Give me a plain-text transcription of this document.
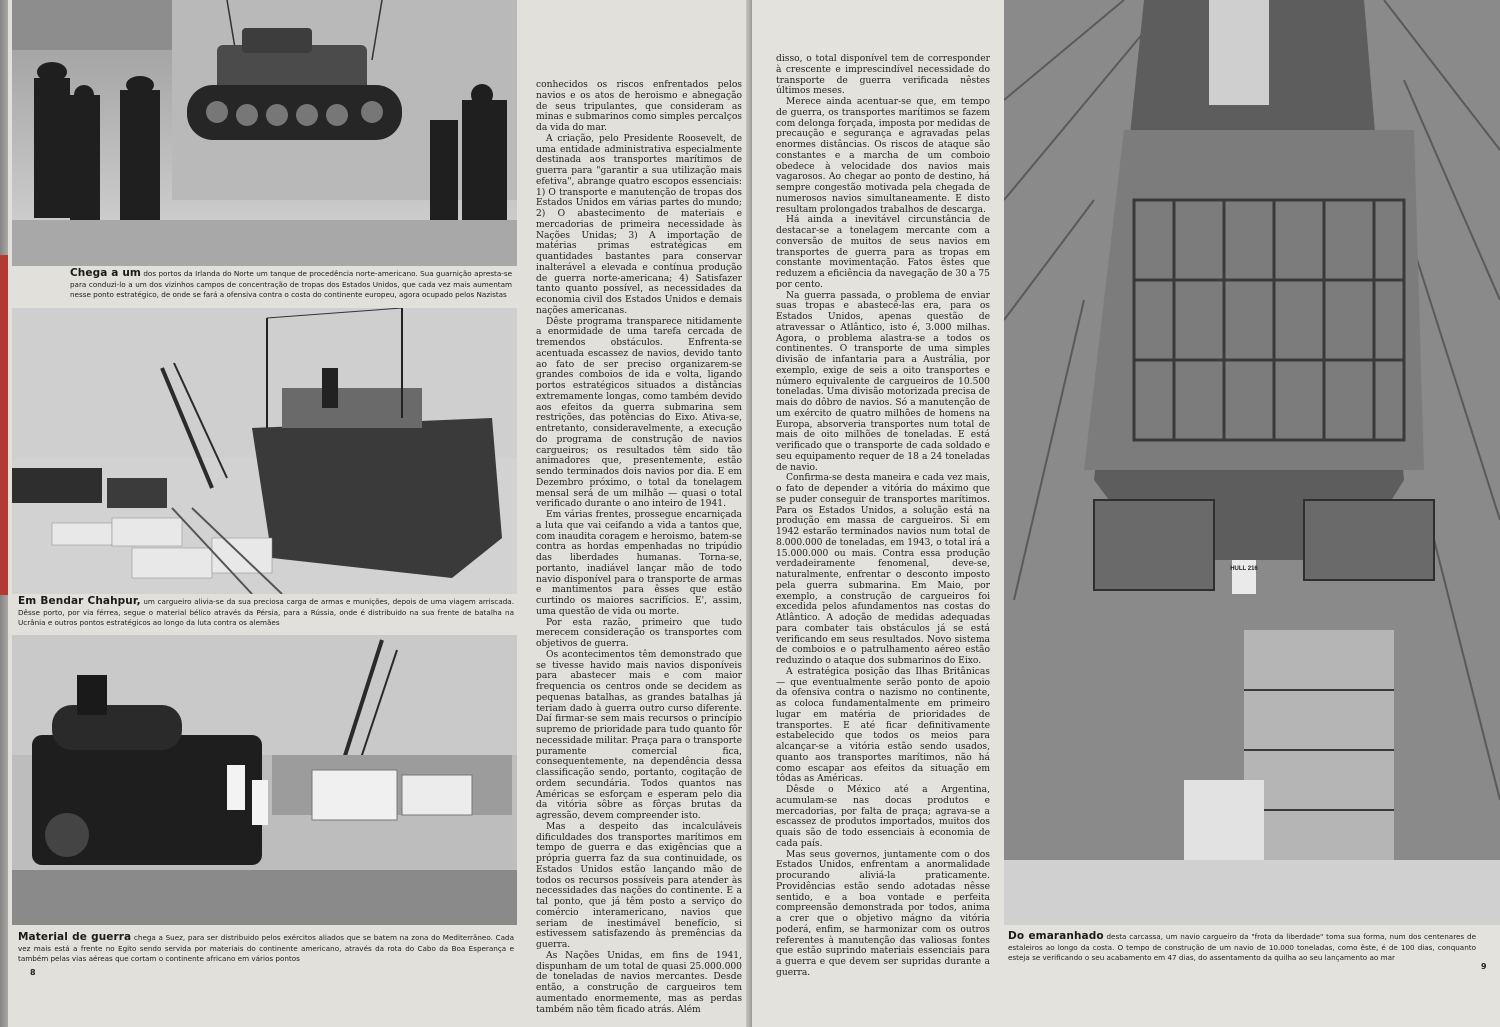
Chega a um dos portos da Irlanda do Norte um tanque de procedência norte-americano. Sua guarnição apresta-se para conduzi-lo a um dos vizinhos campos de concentração de tropas dos Estados Unidos, que cada vez mais aumentam nesse ponto estratégico, de onde se fará a ofensiva contra o costa do continente europeu, agora ocupado pelos Nazistas
Em Bendar Chahpur, um cargueiro alivia-se da sua preciosa carga de armas e munições, depois de uma viagem arriscada. Dêsse porto, por via férrea, segue o material bélico através da Pérsia, para a Rússia, onde é distribuido na sua frente de batalha na Ucrânia e outros pontos estratégicos ao longo da luta contra os alemães
Material de guerra chega a Suez, para ser distribuido pelos exércitos aliados que se batem na zona do Mediterrâneo. Cada vez mais está a frente no Egito sendo servida por materiais do continente americano, através da rota do Cabo da Boa Esperança e também pelas vias aéreas que cortam o continente africano em vários pontos
8

conhecidos os riscos enfrentados pelos navios e os atos de heroismo e abnegação de seus tripulantes, que consideram as minas e submarinos como simples percalços da vida do mar.

A criação, pelo Presidente Roosevelt, de uma entidade administrativa especialmente destinada aos transportes marítimos de guerra para "garantir a sua utilização mais efetiva", abrange quatro escopos essenciais: 1) O transporte e manutenção de tropas dos Estados Unidos em várias partes do mundo; 2) O abastecimento de materiais e mercadorias de primeira necessidade às Nações Unidas; 3) A importação de matérias primas estratégicas em quantidades bastantes para conservar inalterável a elevada e contínua produção de guerra norte-americana; 4) Satisfazer tanto quanto possível, as necessidades da economia civil dos Estados Unidos e demais nações americanas.

Dêste programa transparece nitidamente a enormidade de uma tarefa cercada de tremendos obstáculos. Enfrenta-se acentuada escassez de navios, devido tanto ao fato de ser preciso organizarem-se grandes comboios de ida e volta, ligando portos estratégicos situados a distâncias extremamente longas, como também devido aos efeitos da guerra submarina sem restrições, das potências do Eixo. Ativa-se, entretanto, consideravelmente, a execução do programa de construção de navios cargueiros; os resultados têm sido tão animadores que, presentemente, estão sendo terminados dois navios por dia. E em Dezembro próximo, o total da tonelagem mensal será de um milhão — quasi o total verificado durante o ano inteiro de 1941.

Em várias frentes, prossegue encarniçada a luta que vai ceifando a vida a tantos que, com inaudita coragem e heroismo, batem-se contra as hordas empenhadas no tripúdio das liberdades humanas. Torna-se, portanto, inadiável lançar mão de todo navio disponível para o transporte de armas e mantimentos para êsses que estão curtindo os maiores sacrifícios. E', assim, uma questão de vida ou morte.

Por esta razão, primeiro que tudo merecem consideração os transportes com objetivos de guerra.

Os acontecimentos têm demonstrado que se tivesse havido mais navios disponíveis para abastecer mais e com maior frequencia os centros onde se decidem as pequenas batalhas, as grandes batalhas já teriam dado à guerra outro curso diferente. Daí firmar-se sem mais recursos o princípio supremo de prioridade para tudo quanto fôr necessidade militar. Praça para o transporte puramente comercial fica, consequentemente, na dependência dessa classificação sendo, portanto, cogitação de ordem secundária. Todos quantos nas Américas se esforçam e esperam pelo dia da vitória sôbre as fôrças brutas da agressão, devem compreender isto.

Mas a despeito das incalculáveis dificuldades dos transportes marítimos em tempo de guerra e das exigências que a própria guerra faz da sua continuidade, os Estados Unidos estão lançando mão de todos os recursos possíveis para atender às necessidades das nações do continente. E a tal ponto, que já têm posto a serviço do comércio interamericano, navios que seriam de inestimável benefício, si estivessem satisfazendo às premências da guerra.

As Nações Unidas, em fins de 1941, dispunham de um total de quasi 25.000.000 de toneladas de navios mercantes. Desde então, a construção de cargueiros tem aumentado enormemente, mas as perdas também não têm ficado atrás. Além

disso, o total disponível tem de corresponder à crescente e imprescindível necessidade do transporte de guerra verificada nêstes últimos meses.

Merece ainda acentuar-se que, em tempo de guerra, os transportes marítimos se fazem com delonga forçada, imposta por medidas de precaução e segurança e agravadas pelas enormes distâncias. Os riscos de ataque são constantes e a marcha de um comboio obedece à velocidade dos navios mais vagarosos. Ao chegar ao ponto de destino, há sempre congestão motivada pela chegada de numerosos navios simultaneamente. E disto resultam prolongados trabalhos de descarga.

Há ainda a inevitável circunstância de destacar-se a tonelagem mercante com a conversão de muitos de seus navios em transportes de guerra para as tropas em constante movimentação. Fatos êstes que reduzem a eficiência da navegação de 30 a 75 por cento.

Na guerra passada, o problema de enviar suas tropas e abastecê-las era, para os Estados Unidos, apenas questão de atravessar o Atlântico, isto é, 3.000 milhas. Agora, o problema alastra-se a todos os continentes. O transporte de uma simples divisão de infantaria para a Austrália, por exemplo, exige de seis a oito transportes e número equivalente de cargueiros de 10.500 toneladas. Uma divisão motorizada precisa de mais do dôbro de navios. Só a manutenção de um exército de quatro milhões de homens na Europa, absorveria transportes num total de mais de oito milhões de toneladas. E está verificado que o transporte de cada soldado e seu equipamento requer de 18 a 24 toneladas de navio.

Confirma-se desta maneira e cada vez mais, o fato de depender a vitória do máximo que se puder conseguir de transportes marítimos. Para os Estados Unidos, a solução está na produção em massa de cargueiros. Si em 1942 estarão terminados navios num total de 8.000.000 de toneladas, em 1943, o total irá a 15.000.000 ou mais. Contra essa produção verdadeiramente fenomenal, deve-se, naturalmente, enfrentar o desconto imposto pela guerra submarina. Em Maio, por exemplo, a construção de cargueiros foi excedida pelos afundamentos nas costas do Atlântico. A adoção de medidas adequadas para combater tais obstáculos já se está verificando em seus resultados. Novo sistema de comboios e o patrulhamento aéreo estão reduzindo o ataque dos submarinos do Eixo.

A estratégica posição das Ilhas Britânicas — que eventualmente serão ponto de apoio da ofensiva contra o nazismo no continente, as coloca fundamentalmente em primeiro lugar em matéria de prioridades de transportes. E até ficar definitivamente estabelecido que todos os meios para alcançar-se a vitória estão sendo usados, quanto aos transportes marítimos, não há como escapar aos efeitos da situação em tôdas as Américas.

Dêsde o México até a Argentina, acumulam-se nas docas produtos e mercadorias, por falta de praça; agrava-se a escassez de produtos importados, muitos dos quais são de todo essenciais à economia de cada país.

Mas seus governos, juntamente com o dos Estados Unidos, enfrentam a anormalidade procurando aliviá-la praticamente. Providências estão sendo adotadas nêsse sentido, e a boa vontade e perfeita compreensão demonstrada por todos, anima a crer que o objetivo mágno da vitória poderá, enfim, se harmonizar com os outros referentes à manutenção das valiosas fontes que estão suprindo materiais essenciais para a guerra e que devem ser supridas durante a guerra.

HULL 216
Do emaranhado desta carcassa, um navio cargueiro da "frota da liberdade" toma sua forma, num dos centenares de estaleiros ao longo da costa. O tempo de construção de um navio de 10.000 toneladas, como êste, é de 100 dias, conquanto esteja se verificando o seu acabamento em 47 dias, do assentamento da quilha ao seu lançamento ao mar
9
